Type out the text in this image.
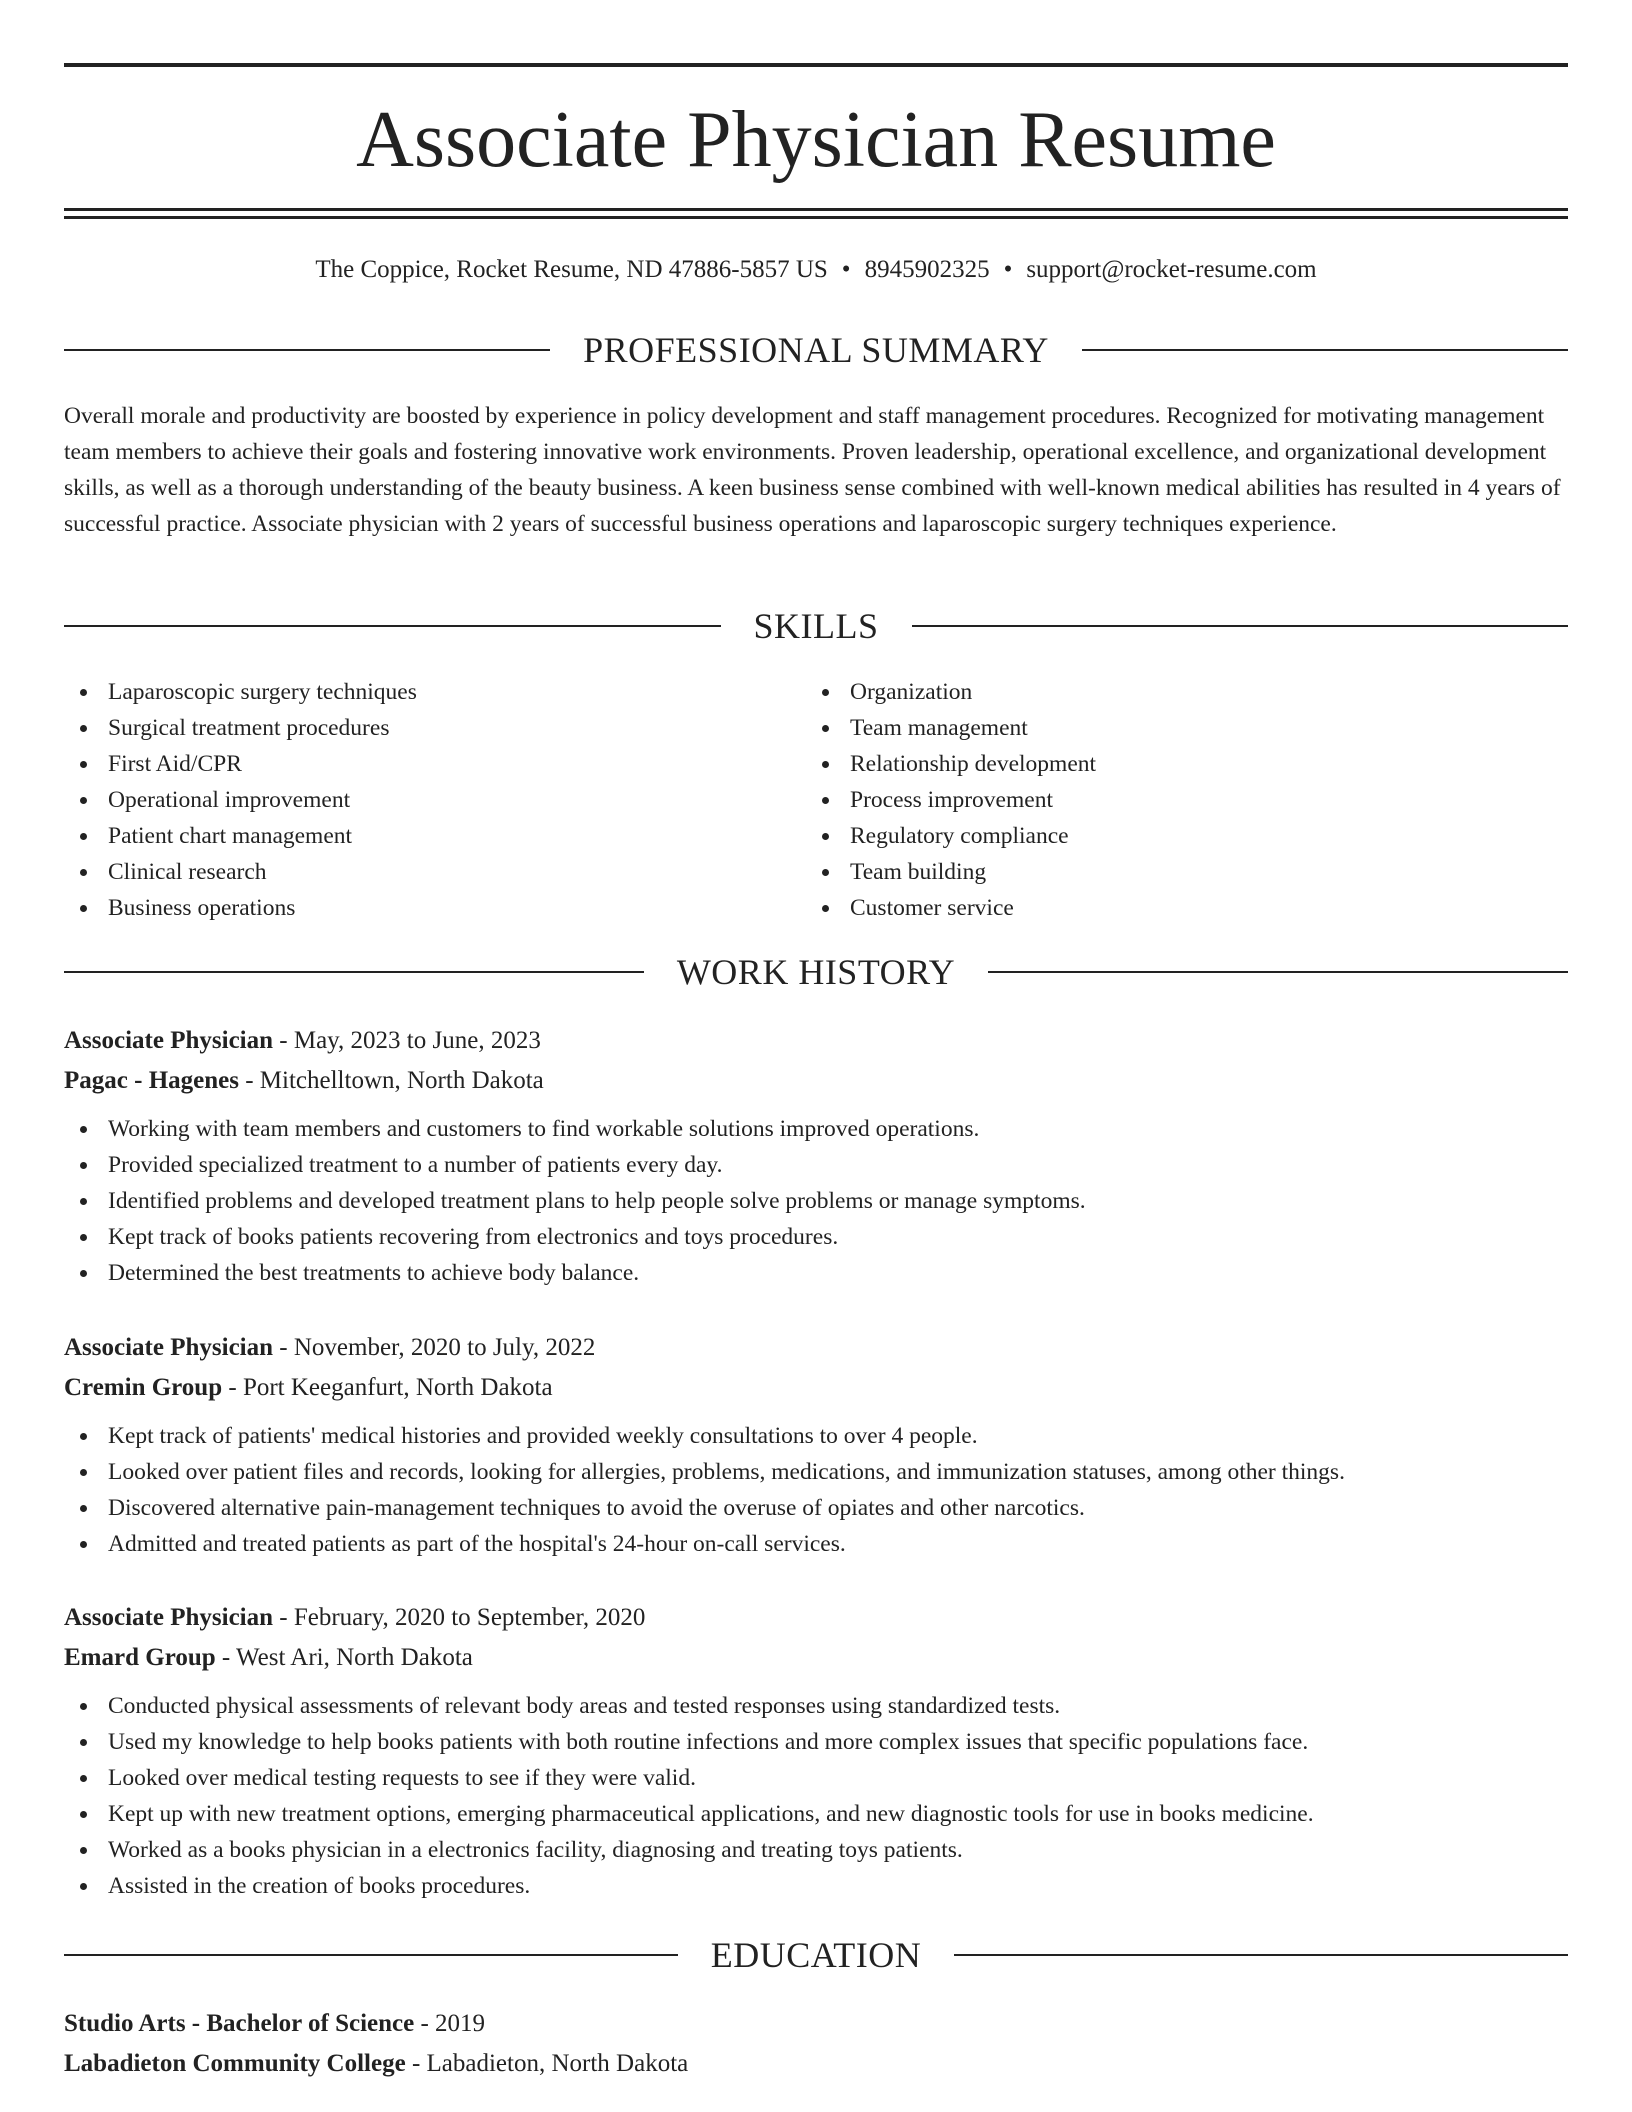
Associate Physician Resume
The Coppice, Rocket Resume, ND 47886-5857 US • 8945902325 • support@rocket-resume.com
PROFESSIONAL SUMMARY

Overall morale and productivity are boosted by experience in policy development and staff management procedures. Recognized for motivating management team members to achieve their goals and fostering innovative work environments. Proven leadership, operational excellence, and organizational development skills, as well as a thorough understanding of the beauty business. A keen business sense combined with well-known medical abilities has resulted in 4 years of successful practice. Associate physician with 2 years of successful business operations and laparoscopic surgery techniques experience.

SKILLS
Laparoscopic surgery techniques
Surgical treatment procedures
First Aid/CPR
Operational improvement
Patient chart management
Clinical research
Business operations
Organization
Team management
Relationship development
Process improvement
Regulatory compliance
Team building
Customer service
WORK HISTORY
Associate Physician - May, 2023 to June, 2023
Pagac - Hagenes - Mitchelltown, North Dakota
Working with team members and customers to find workable solutions improved operations.
Provided specialized treatment to a number of patients every day.
Identified problems and developed treatment plans to help people solve problems or manage symptoms.
Kept track of books patients recovering from electronics and toys procedures.
Determined the best treatments to achieve body balance.
Associate Physician - November, 2020 to July, 2022
Cremin Group - Port Keeganfurt, North Dakota
Kept track of patients' medical histories and provided weekly consultations to over 4 people.
Looked over patient files and records, looking for allergies, problems, medications, and immunization statuses, among other things.
Discovered alternative pain-management techniques to avoid the overuse of opiates and other narcotics.
Admitted and treated patients as part of the hospital's 24-hour on-call services.
Associate Physician - February, 2020 to September, 2020
Emard Group - West Ari, North Dakota
Conducted physical assessments of relevant body areas and tested responses using standardized tests.
Used my knowledge to help books patients with both routine infections and more complex issues that specific populations face.
Looked over medical testing requests to see if they were valid.
Kept up with new treatment options, emerging pharmaceutical applications, and new diagnostic tools for use in books medicine.
Worked as a books physician in a electronics facility, diagnosing and treating toys patients.
Assisted in the creation of books procedures.
EDUCATION
Studio Arts - Bachelor of Science - 2019
Labadieton Community College - Labadieton, North Dakota
